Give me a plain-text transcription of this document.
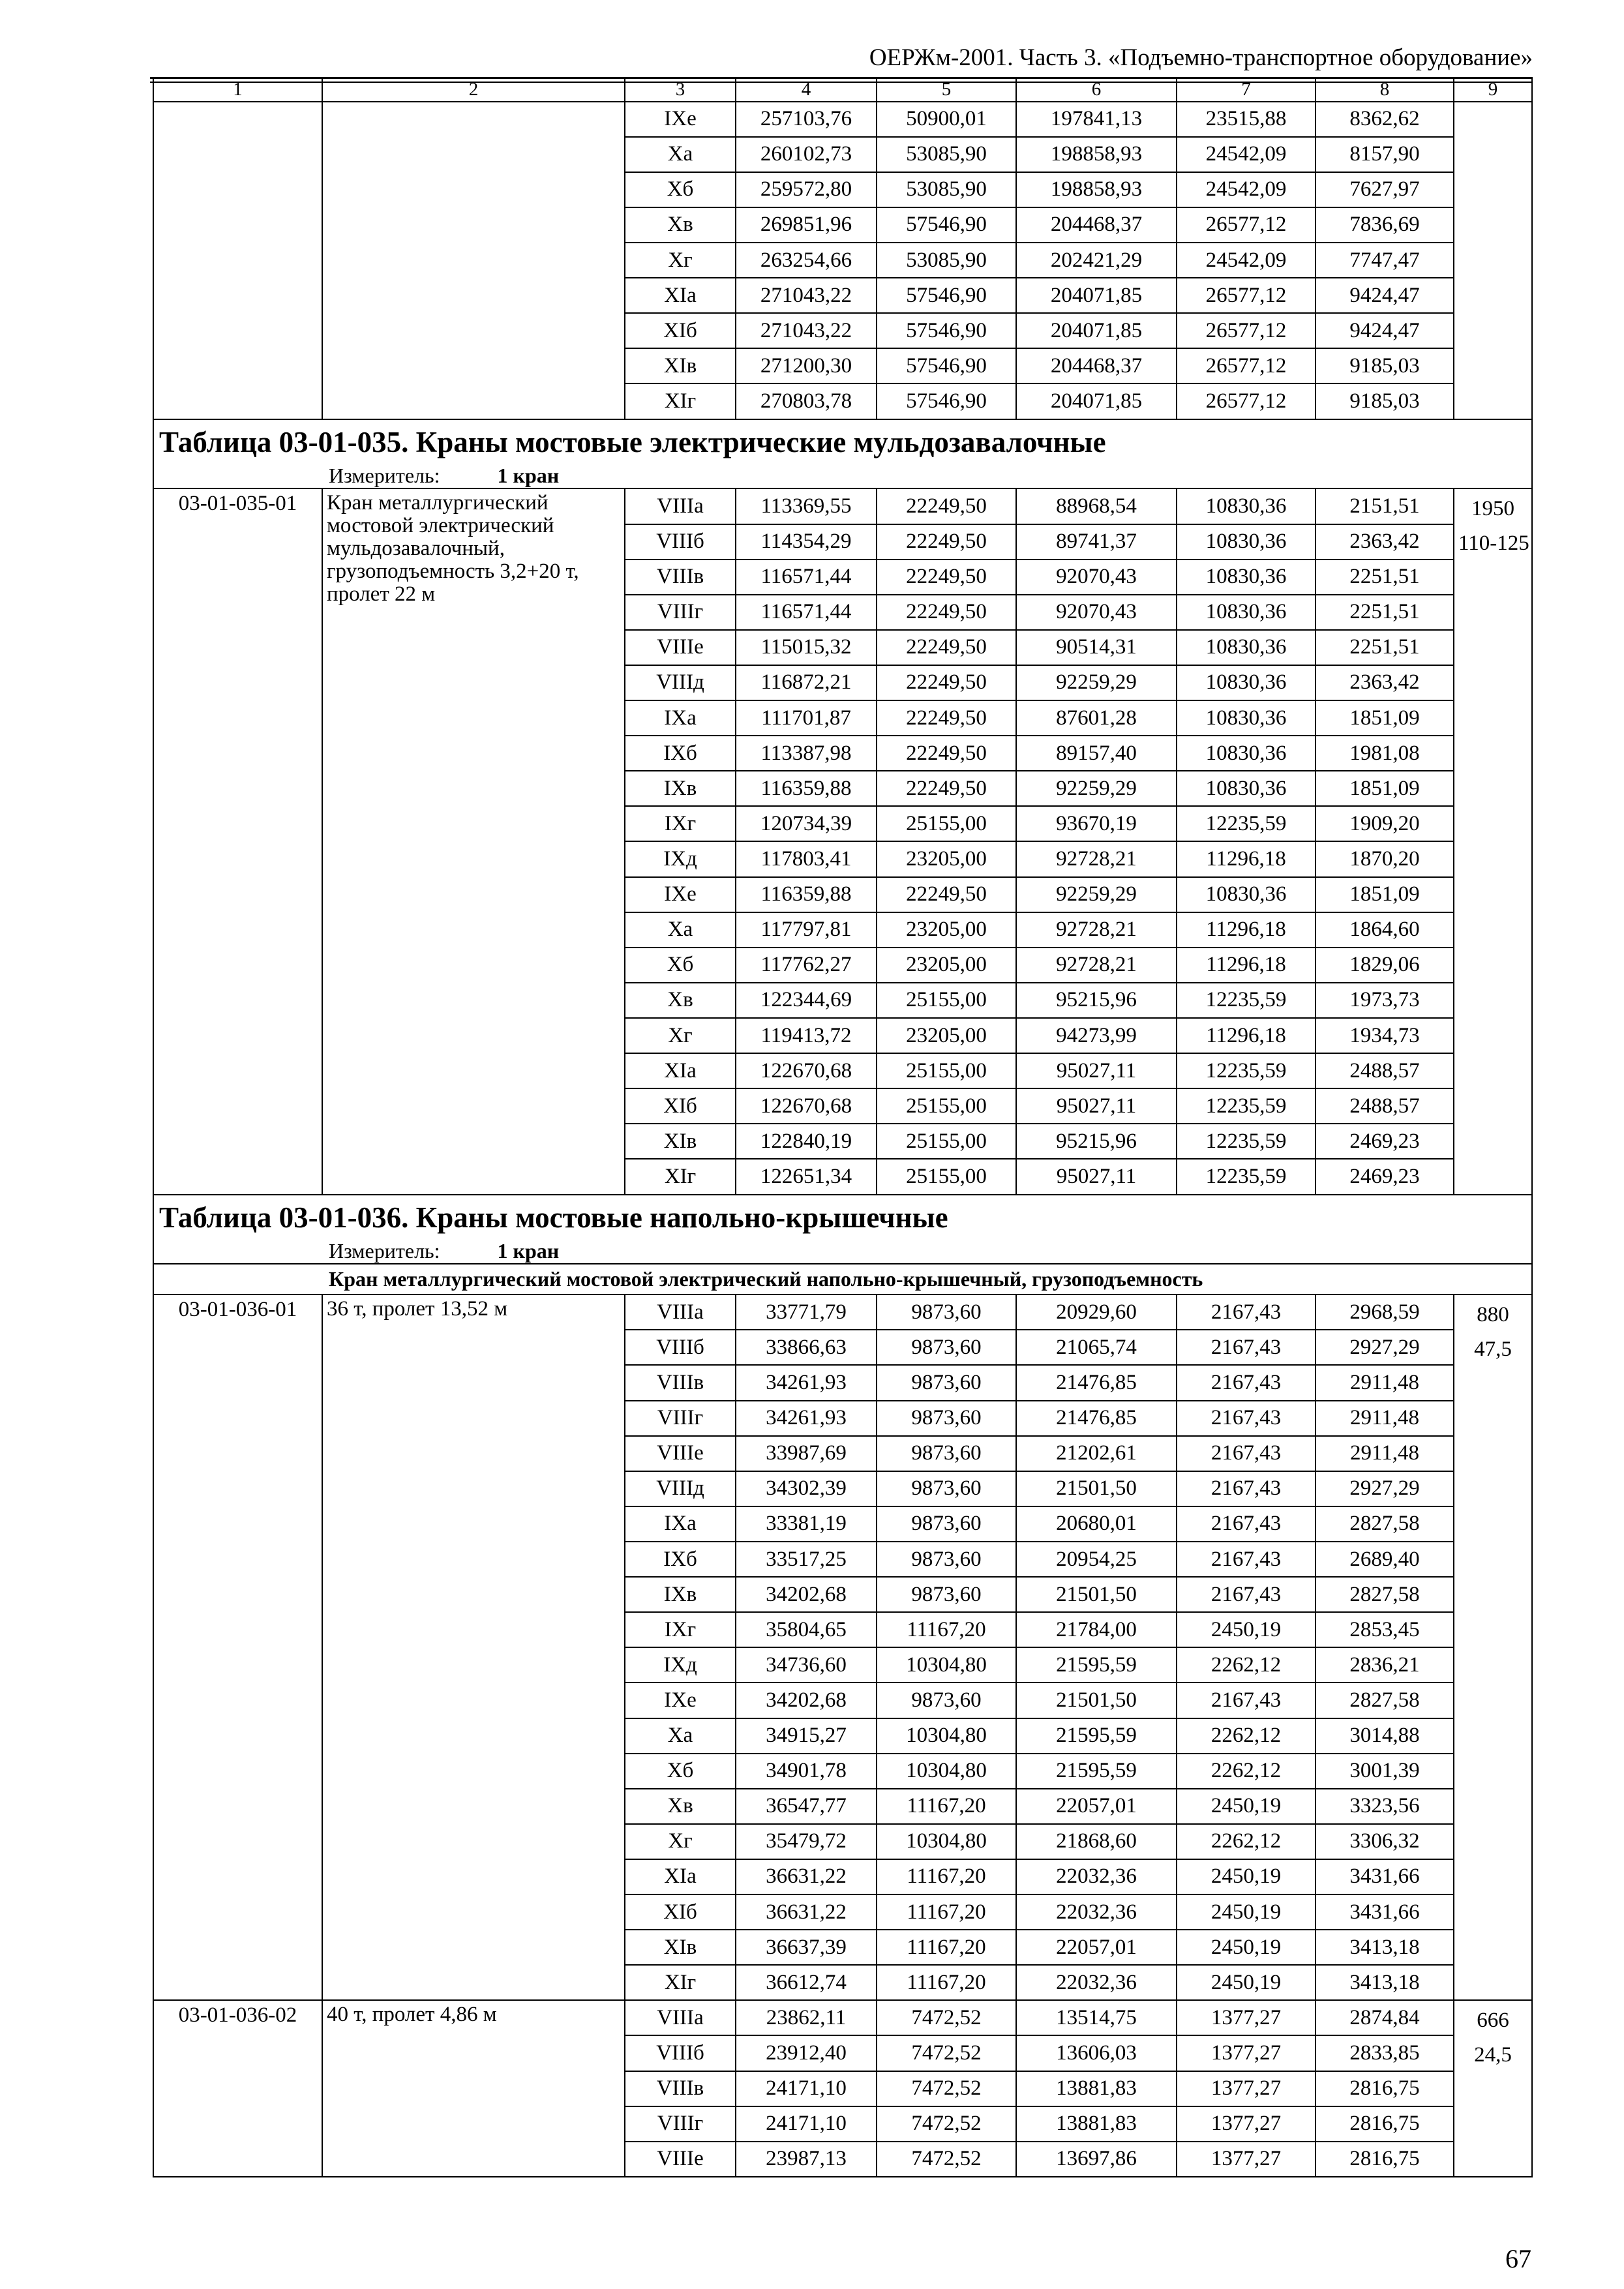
ОЕРЖм-2001. Часть 3. «Подъемно-транспортное оборудование»
1	2	3	4	5	6	7	8	9
		IXe	257103,76	50900,01	197841,13	23515,88	8362,62	
		Xa	260102,73	53085,90	198858,93	24542,09	8157,90	
		Xб	259572,80	53085,90	198858,93	24542,09	7627,97	
		Xв	269851,96	57546,90	204468,37	26577,12	7836,69	
		Xг	263254,66	53085,90	202421,29	24542,09	7747,47	
		XIa	271043,22	57546,90	204071,85	26577,12	9424,47	
		XIб	271043,22	57546,90	204071,85	26577,12	9424,47	
		XIв	271200,30	57546,90	204468,37	26577,12	9185,03	
		XIг	270803,78	57546,90	204071,85	26577,12	9185,03	
Таблица 03-01-035. Краны мостовые электрические мульдозавалочные								
Измеритель: 1 кран								
03-01-035-01	Кран металлургический мостовой электрический мульдозавалочный, грузоподъемность 3,2+20 т, пролет 22 м	VIIIa	113369,55	22249,50	88968,54	10830,36	2151,51	1950
110-125

		VIIIб	114354,29	22249,50	89741,37	10830,36	2363,42	
		VIIIв	116571,44	22249,50	92070,43	10830,36	2251,51	
		VIIIг	116571,44	22249,50	92070,43	10830,36	2251,51	
		VIIIe	115015,32	22249,50	90514,31	10830,36	2251,51	
		VIIIд	116872,21	22249,50	92259,29	10830,36	2363,42	
		IXa	111701,87	22249,50	87601,28	10830,36	1851,09	
		IXб	113387,98	22249,50	89157,40	10830,36	1981,08	
		IXв	116359,88	22249,50	92259,29	10830,36	1851,09	
		IXг	120734,39	25155,00	93670,19	12235,59	1909,20	
		IXд	117803,41	23205,00	92728,21	11296,18	1870,20	
		IXe	116359,88	22249,50	92259,29	10830,36	1851,09	
		Xa	117797,81	23205,00	92728,21	11296,18	1864,60	
		Xб	117762,27	23205,00	92728,21	11296,18	1829,06	
		Xв	122344,69	25155,00	95215,96	12235,59	1973,73	
		Xг	119413,72	23205,00	94273,99	11296,18	1934,73	
		XIa	122670,68	25155,00	95027,11	12235,59	2488,57	
		XIб	122670,68	25155,00	95027,11	12235,59	2488,57	
		XIв	122840,19	25155,00	95215,96	12235,59	2469,23	
		XIг	122651,34	25155,00	95027,11	12235,59	2469,23	
Таблица 03-01-036. Краны мостовые напольно-крышечные								
Измеритель: 1 кран								
Кран металлургический мостовой электрический напольно-крышечный, грузоподъемность								
03-01-036-01	36 т, пролет 13,52 м	VIIIa	33771,79	9873,60	20929,60	2167,43	2968,59	880
47,5

		VIIIб	33866,63	9873,60	21065,74	2167,43	2927,29	
		VIIIв	34261,93	9873,60	21476,85	2167,43	2911,48	
		VIIIг	34261,93	9873,60	21476,85	2167,43	2911,48	
		VIIIe	33987,69	9873,60	21202,61	2167,43	2911,48	
		VIIIд	34302,39	9873,60	21501,50	2167,43	2927,29	
		IXa	33381,19	9873,60	20680,01	2167,43	2827,58	
		IXб	33517,25	9873,60	20954,25	2167,43	2689,40	
		IXв	34202,68	9873,60	21501,50	2167,43	2827,58	
		IXг	35804,65	11167,20	21784,00	2450,19	2853,45	
		IXд	34736,60	10304,80	21595,59	2262,12	2836,21	
		IXe	34202,68	9873,60	21501,50	2167,43	2827,58	
		Xa	34915,27	10304,80	21595,59	2262,12	3014,88	
		Xб	34901,78	10304,80	21595,59	2262,12	3001,39	
		Xв	36547,77	11167,20	22057,01	2450,19	3323,56	
		Xг	35479,72	10304,80	21868,60	2262,12	3306,32	
		XIa	36631,22	11167,20	22032,36	2450,19	3431,66	
		XIб	36631,22	11167,20	22032,36	2450,19	3431,66	
		XIв	36637,39	11167,20	22057,01	2450,19	3413,18	
		XIг	36612,74	11167,20	22032,36	2450,19	3413,18	
03-01-036-02	40 т, пролет 4,86 м	VIIIa	23862,11	7472,52	13514,75	1377,27	2874,84	666
24,5

		VIIIб	23912,40	7472,52	13606,03	1377,27	2833,85	
		VIIIв	24171,10	7472,52	13881,83	1377,27	2816,75	
		VIIIг	24171,10	7472,52	13881,83	1377,27	2816,75	
		VIIIe	23987,13	7472,52	13697,86	1377,27	2816,75	
67
